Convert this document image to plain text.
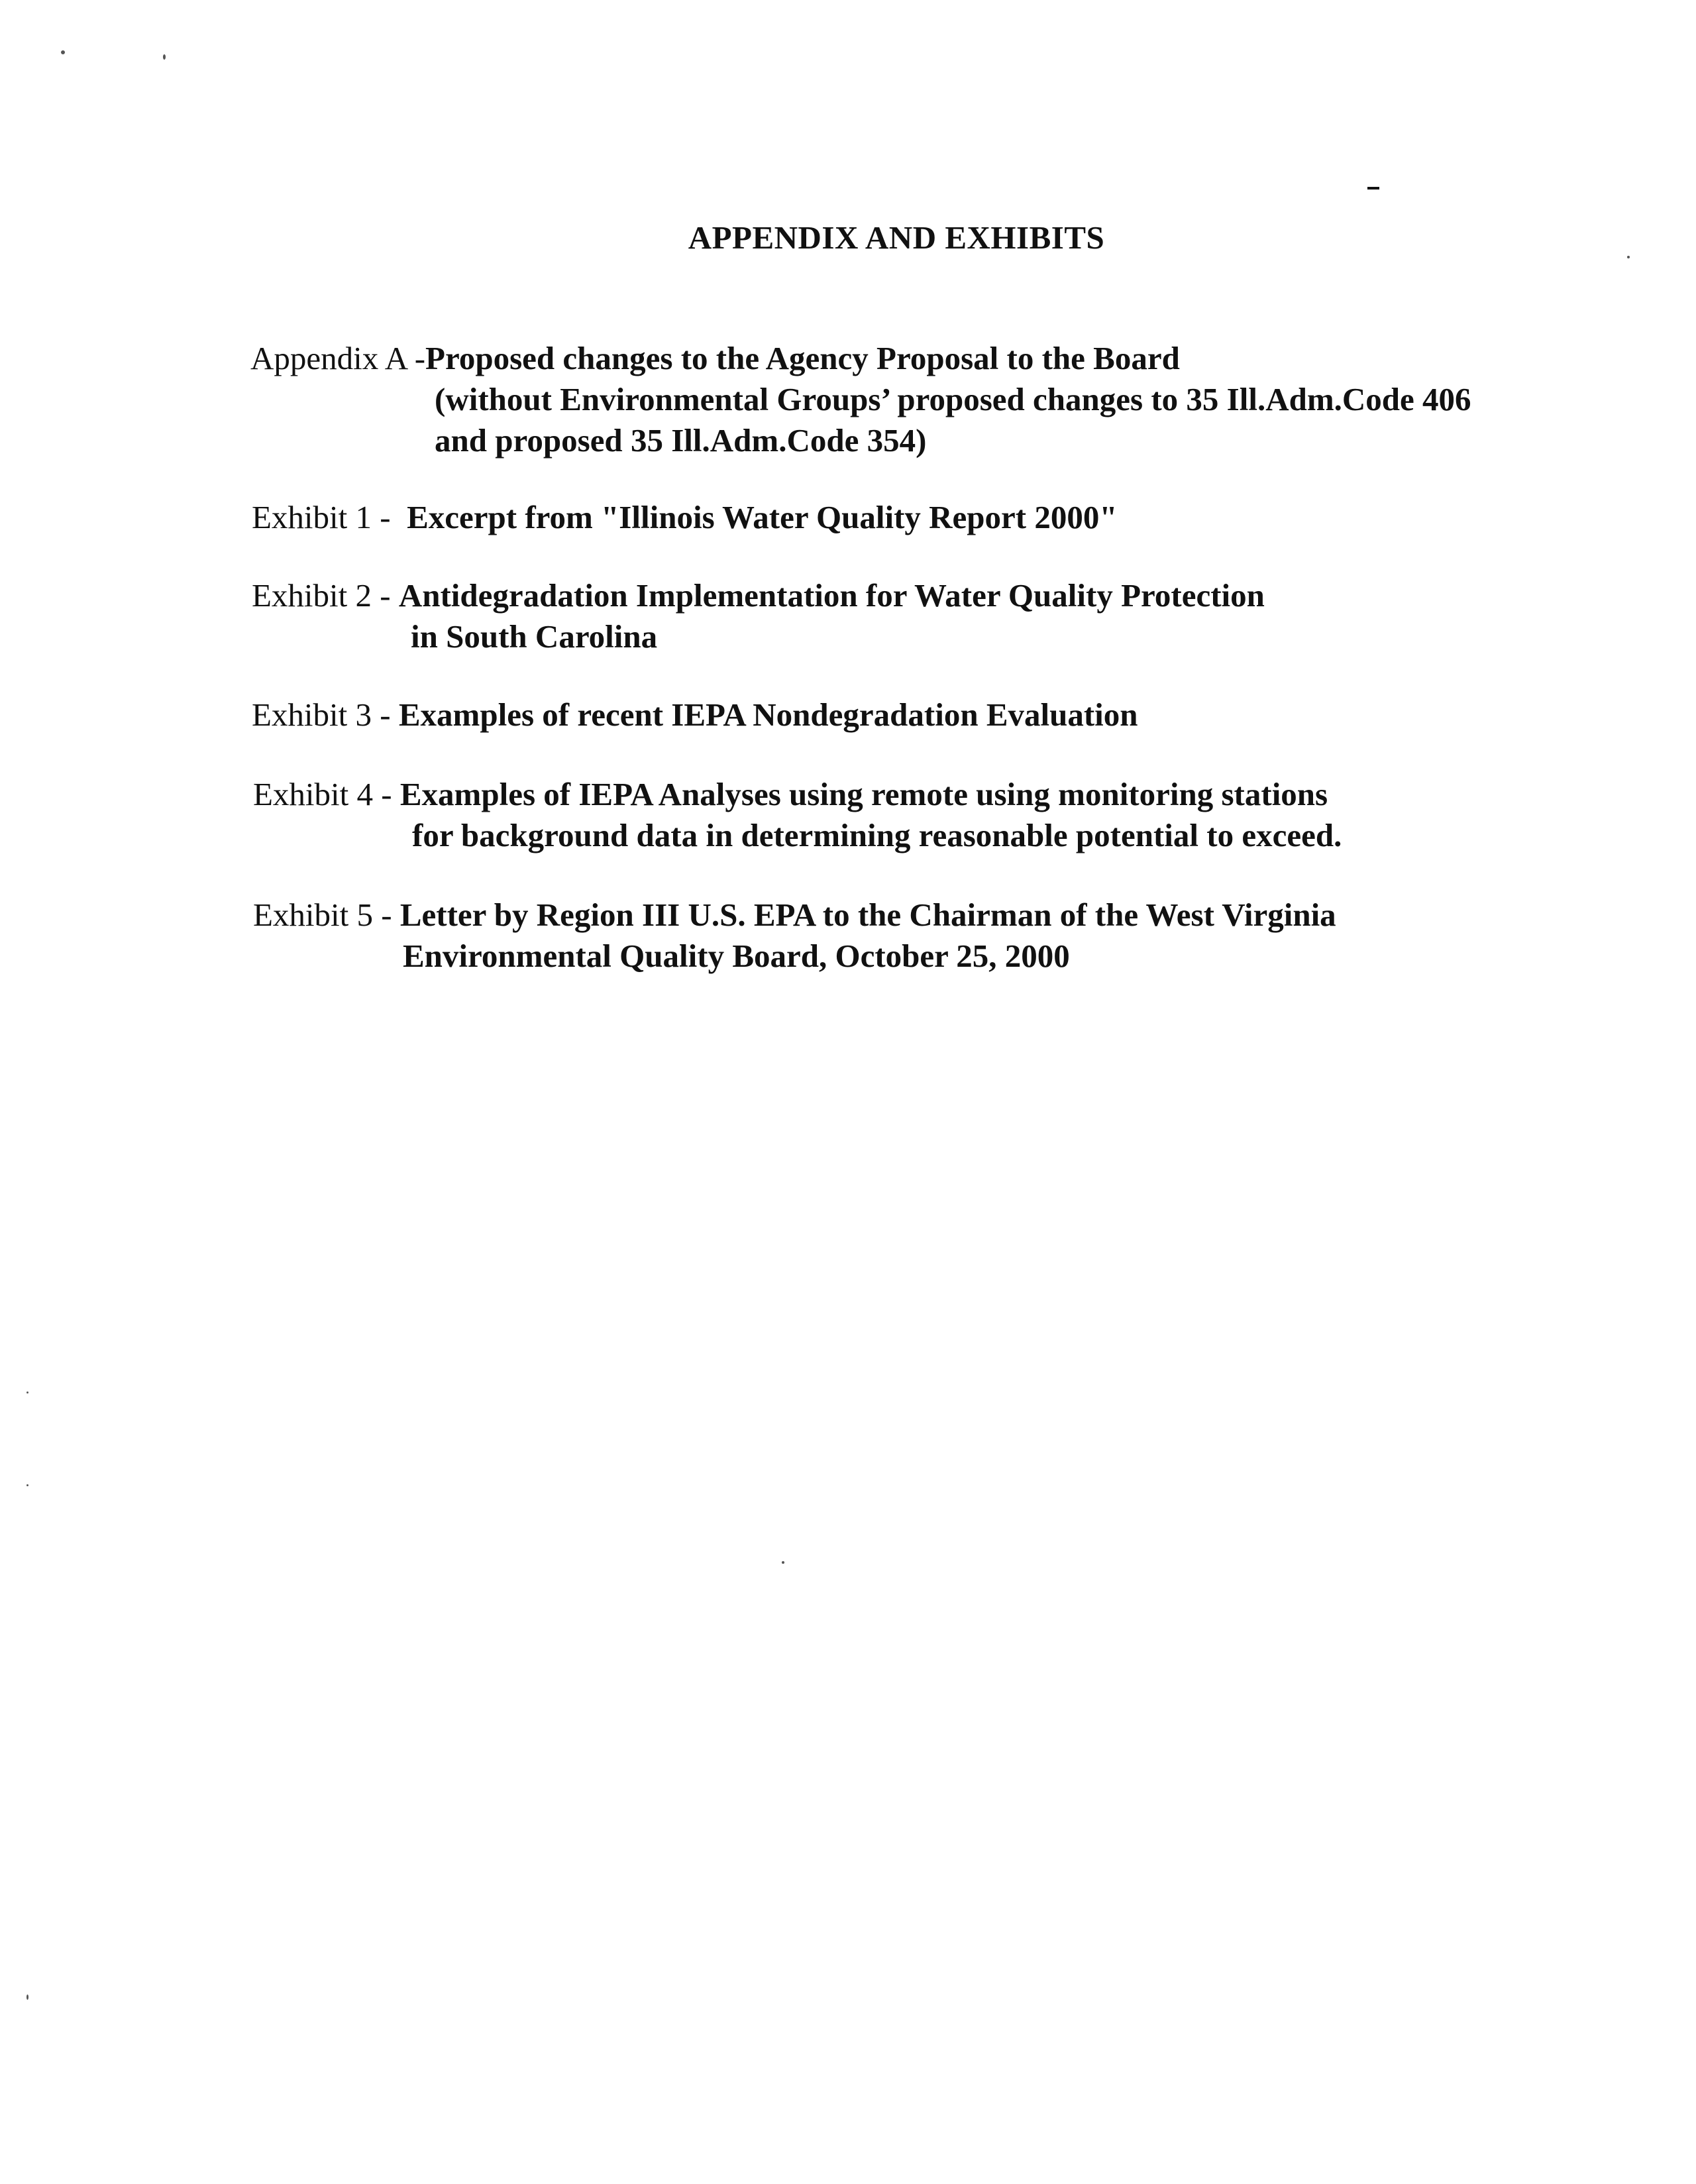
APPENDIX AND EXHIBITS
Appendix A -Proposed changes to the Agency Proposal to the Board
(without Environmental Groups’ proposed changes to 35 Ill.Adm.Code 406
and proposed 35 Ill.Adm.Code 354)
Exhibit 1 - Excerpt from "Illinois Water Quality Report 2000"
Exhibit 2 - Antidegradation Implementation for Water Quality Protection
in South Carolina
Exhibit 3 - Examples of recent IEPA Nondegradation Evaluation
Exhibit 4 - Examples of IEPA Analyses using remote using monitoring stations
for background data in determining reasonable potential to exceed.
Exhibit 5 - Letter by Region III U.S. EPA to the Chairman of the West Virginia
Environmental Quality Board, October 25, 2000
